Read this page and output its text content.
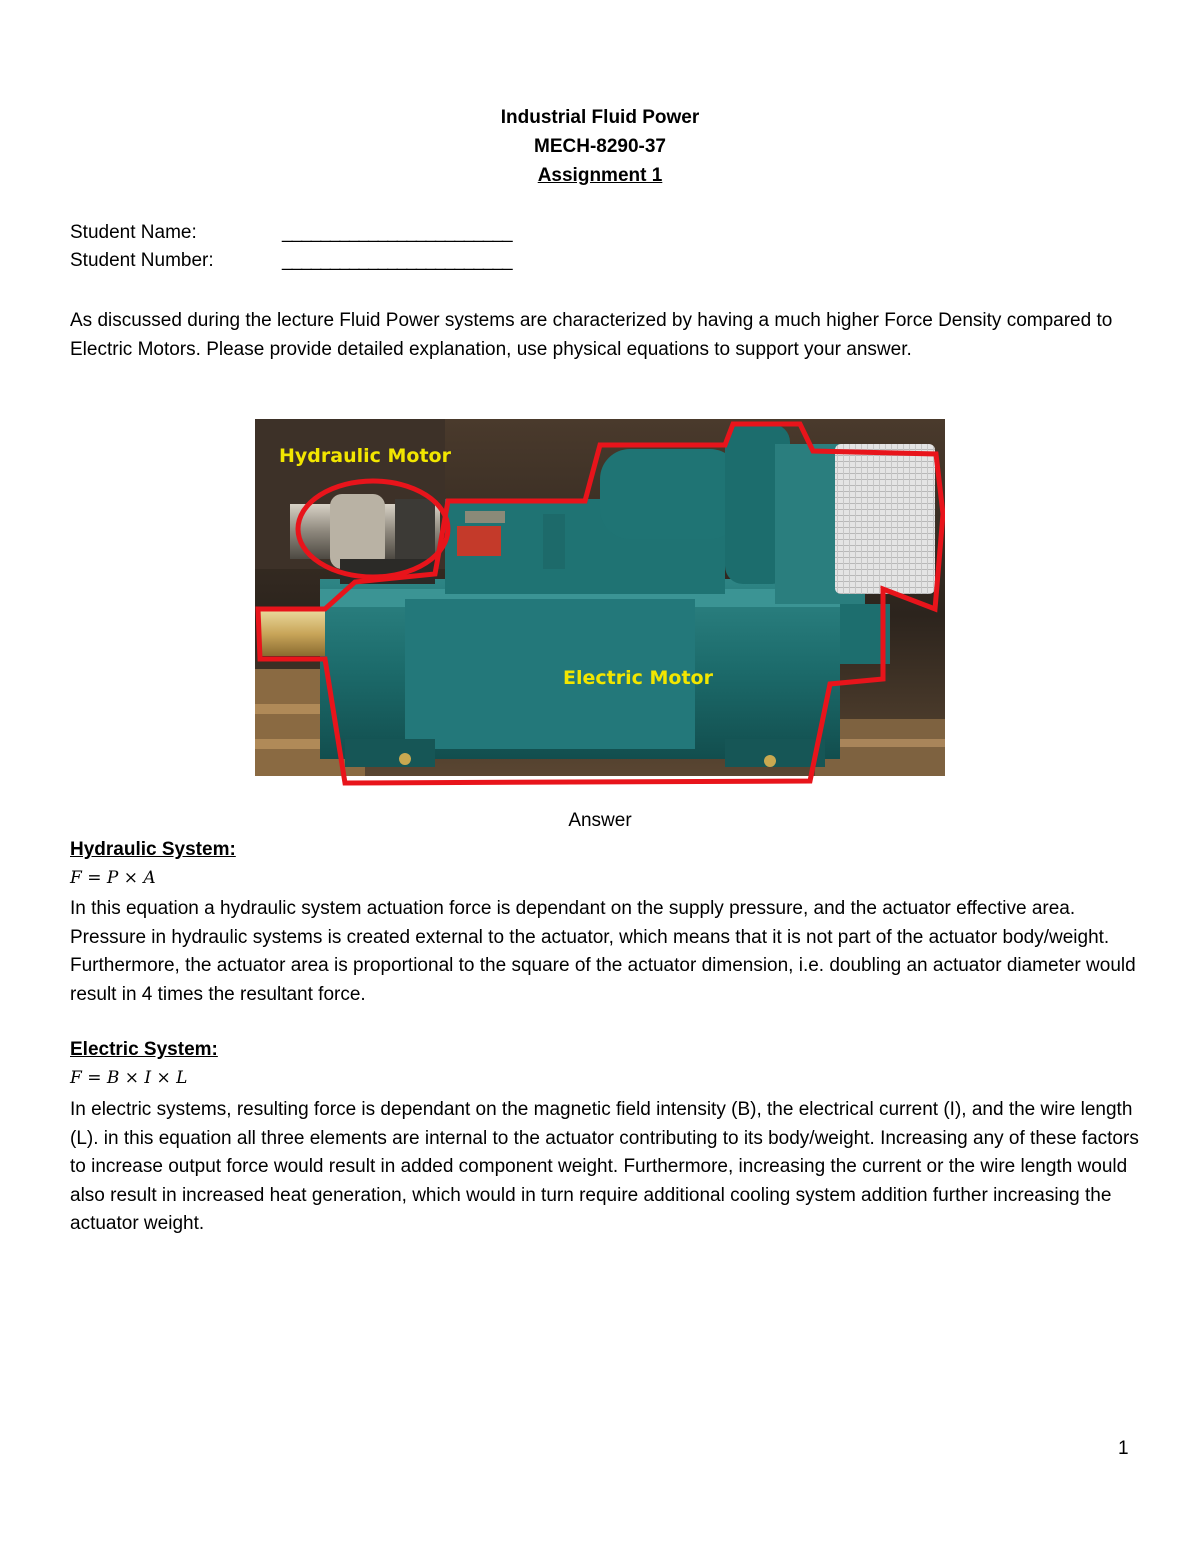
Industrial Fluid Power
MECH-8290-37
Assignment 1
Student Name:	________________________
Student Number:	________________________
As discussed during the lecture Fluid Power systems are characterized by having a much higher Force Density compared to Electric Motors. Please provide detailed explanation, use physical equations to support your answer.
Hydraulic Motor
Electric Motor
Answer
Hydraulic System:
F = P × A
In this equation a hydraulic system actuation force is dependant on the supply pressure, and the actuator effective area. Pressure in hydraulic systems is created external to the actuator, which means that it is not part of the actuator body/weight. Furthermore, the actuator area is proportional to the square of the actuator dimension, i.e. doubling an actuator diameter would result in 4 times the resultant force.
Electric System:
F = B × I × L
In electric systems, resulting force is dependant on the magnetic field intensity (B), the electrical current (I), and the wire length (L). in this equation all three elements are internal to the actuator contributing to its body/weight. Increasing any of these factors to increase output force would result in added component weight. Furthermore, increasing the current or the wire length would also result in increased heat generation, which would in turn require additional cooling system addition further increasing the actuator weight.
1
